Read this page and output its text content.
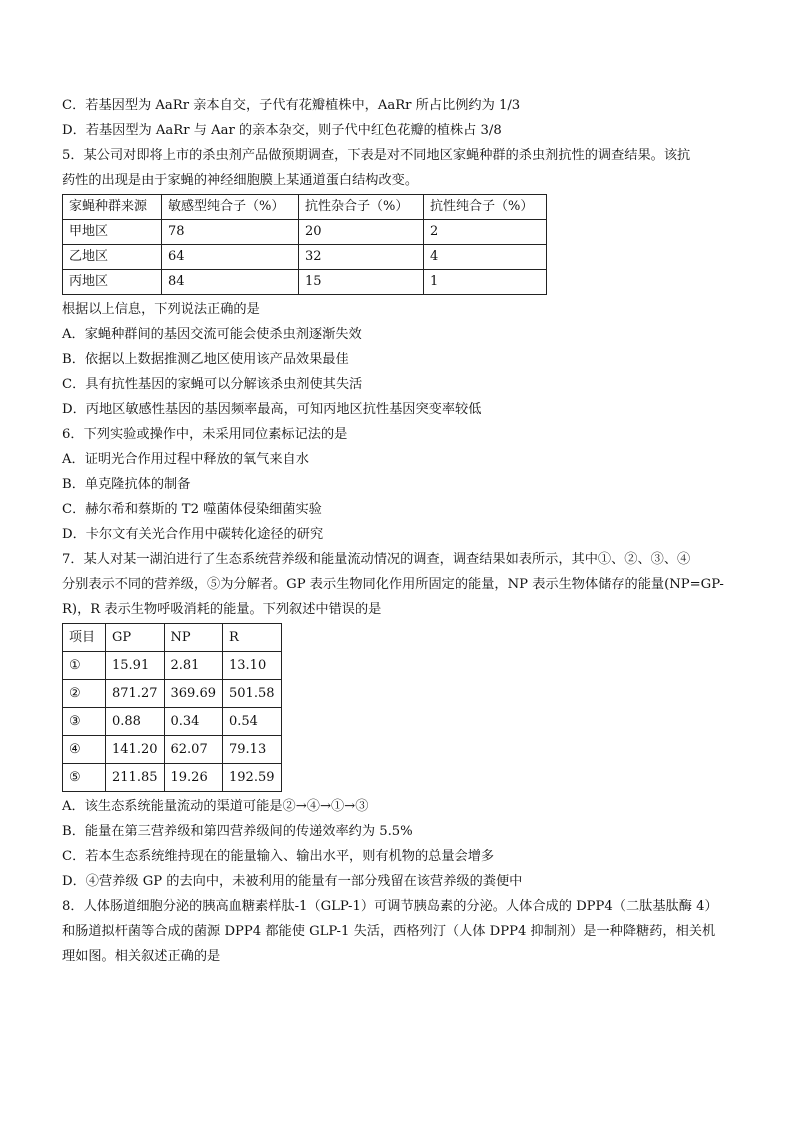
C．若基因型为 AaRr 亲本自交，子代有花瓣植株中，AaRr 所占比例约为 1/3
D．若基因型为 AaRr 与 Aar 的亲本杂交，则子代中红色花瓣的植株占 3/8
5．某公司对即将上市的杀虫剂产品做预期调查，下表是对不同地区家蝇种群的杀虫剂抗性的调查结果。该抗
药性的出现是由于家蝇的神经细胞膜上某通道蛋白结构改变。
家蝇种群来源	敏感型纯合子（%）	抗性杂合子（%）	抗性纯合子（%）
甲地区	78	20	2
乙地区	64	32	4
丙地区	84	15	1
根据以上信息，下列说法正确的是
A．家蝇种群间的基因交流可能会使杀虫剂逐渐失效
B．依据以上数据推测乙地区使用该产品效果最佳
C．具有抗性基因的家蝇可以分解该杀虫剂使其失活
D．丙地区敏感性基因的基因频率最高，可知丙地区抗性基因突变率较低
6．下列实验或操作中，未采用同位素标记法的是
A．证明光合作用过程中释放的氧气来自水
B．单克隆抗体的制备
C．赫尔希和蔡斯的 T2 噬菌体侵染细菌实验
D．卡尔文有关光合作用中碳转化途径的研究
7．某人对某一湖泊进行了生态系统营养级和能量流动情况的调查，调查结果如表所示，其中①、②、③、④
分别表示不同的营养级，⑤为分解者。GP 表示生物同化作用所固定的能量，NP 表示生物体储存的能量(NP=GP-
R)，R 表示生物呼吸消耗的能量。下列叙述中错误的是
项目	GP	NP	R
①	15.91	2.81	13.10
②	871.27	369.69	501.58
③	0.88	0.34	0.54
④	141.20	62.07	79.13
⑤	211.85	19.26	192.59
A．该生态系统能量流动的渠道可能是②→④→①→③
B．能量在第三营养级和第四营养级间的传递效率约为 5.5%
C．若本生态系统维持现在的能量输入、输出水平，则有机物的总量会增多
D．④营养级 GP 的去向中，未被利用的能量有一部分残留在该营养级的粪便中
8．人体肠道细胞分泌的胰高血糖素样肽-1（GLP-1）可调节胰岛素的分泌。人体合成的 DPP4（二肽基肽酶 4）
和肠道拟杆菌等合成的菌源 DPP4 都能使 GLP-1 失活，西格列汀（人体 DPP4 抑制剂）是一种降糖药，相关机
理如图。相关叙述正确的是
